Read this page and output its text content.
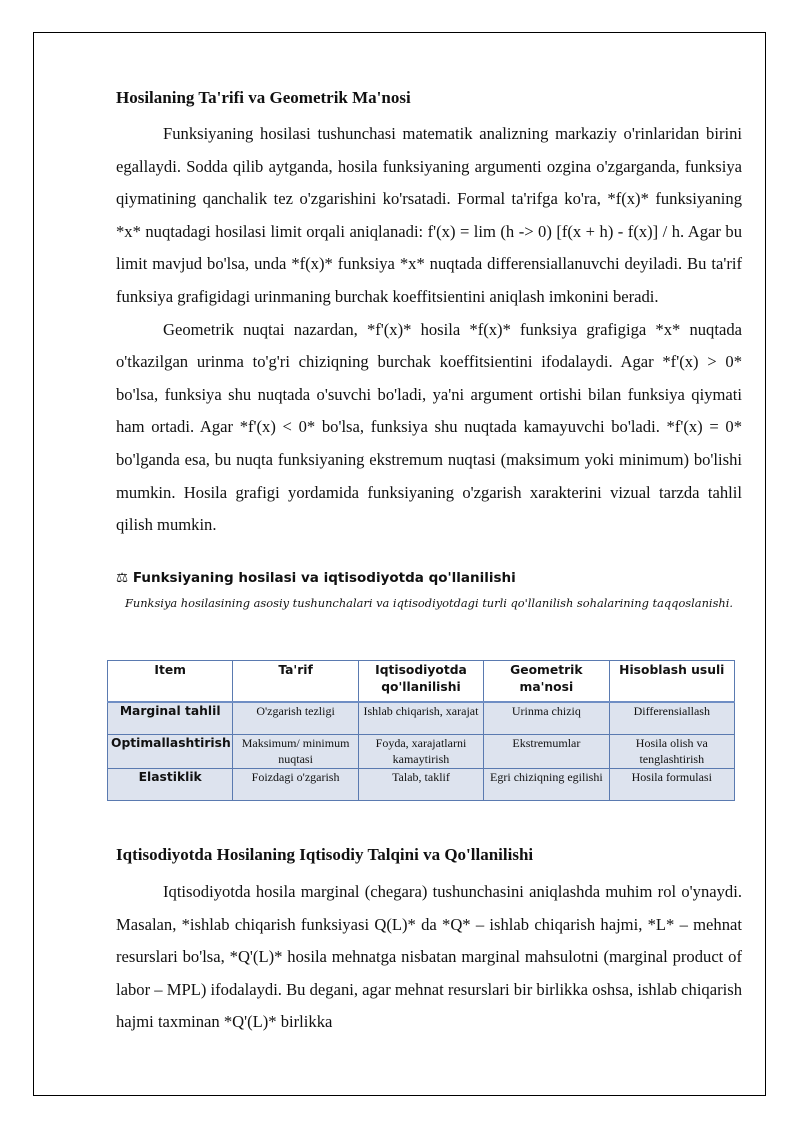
Hosilaning Ta'rifi va Geometrik Ma'nosi

Funksiyaning hosilasi tushunchasi matematik analizning markaziy o'rinlaridan birini egallaydi. Sodda qilib aytganda, hosila funksiyaning argumenti ozgina o'zgarganda, funksiya qiymatining qanchalik tez o'zgarishini ko'rsatadi. Formal ta'rifga ko'ra, *f(x)* funksiyaning *x* nuqtadagi hosilasi limit orqali aniqlanadi: f'(x) = lim (h -> 0) [f(x + h) - f(x)] / h. Agar bu limit mavjud bo'lsa, unda *f(x)* funksiya *x* nuqtada differensiallanuvchi deyiladi. Bu ta'rif funksiya grafigidagi urinmaning burchak koeffitsientini aniqlash imkonini beradi.

Geometrik nuqtai nazardan, *f'(x)* hosila *f(x)* funksiya grafigiga *x* nuqtada o'tkazilgan urinma to'g'ri chiziqning burchak koeffitsientini ifodalaydi. Agar *f'(x) > 0* bo'lsa, funksiya shu nuqtada o'suvchi bo'ladi, ya'ni argument ortishi bilan funksiya qiymati ham ortadi. Agar *f'(x) < 0* bo'lsa, funksiya shu nuqtada kamayuvchi bo'ladi. *f'(x) = 0* bo'lganda esa, bu nuqta funksiyaning ekstremum nuqtasi (maksimum yoki minimum) bo'lishi mumkin. Hosila grafigi yordamida funksiyaning o'zgarish xarakterini vizual tarzda tahlil qilish mumkin.

⚖ Funksiyaning hosilasi va iqtisodiyotda qo'llanilishi
Funksiya hosilasining asosiy tushunchalari va iqtisodiyotdagi turli qo'llanilish sohalarining taqqoslanishi.
Item	Ta'rif	Iqtisodiyotda qo'llanilishi	Geometrik ma'nosi	Hisoblash usuli
Marginal tahlil	O'zgarish tezligi	Ishlab chiqarish, xarajat	Urinma chiziq	Differensiallash
Optimallashtirish	Maksimum/ minimum nuqtasi	Foyda, xarajatlarni kamaytirish	Ekstremumlar	Hosila olish va tenglashtirish
Elastiklik	Foizdagi o'zgarish	Talab, taklif	Egri chiziqning egilishi	Hosila formulasi
Iqtisodiyotda Hosilaning Iqtisodiy Talqini va Qo'llanilishi

Iqtisodiyotda hosila marginal (chegara) tushunchasini aniqlashda muhim rol o'ynaydi. Masalan, *ishlab chiqarish funksiyasi Q(L)* da *Q* – ishlab chiqarish hajmi, *L* – mehnat resurslari bo'lsa, *Q'(L)* hosila mehnatga nisbatan marginal mahsulotni (marginal product of labor – MPL) ifodalaydi. Bu degani, agar mehnat resurslari bir birlikka oshsa, ishlab chiqarish hajmi taxminan *Q'(L)* birlikka
